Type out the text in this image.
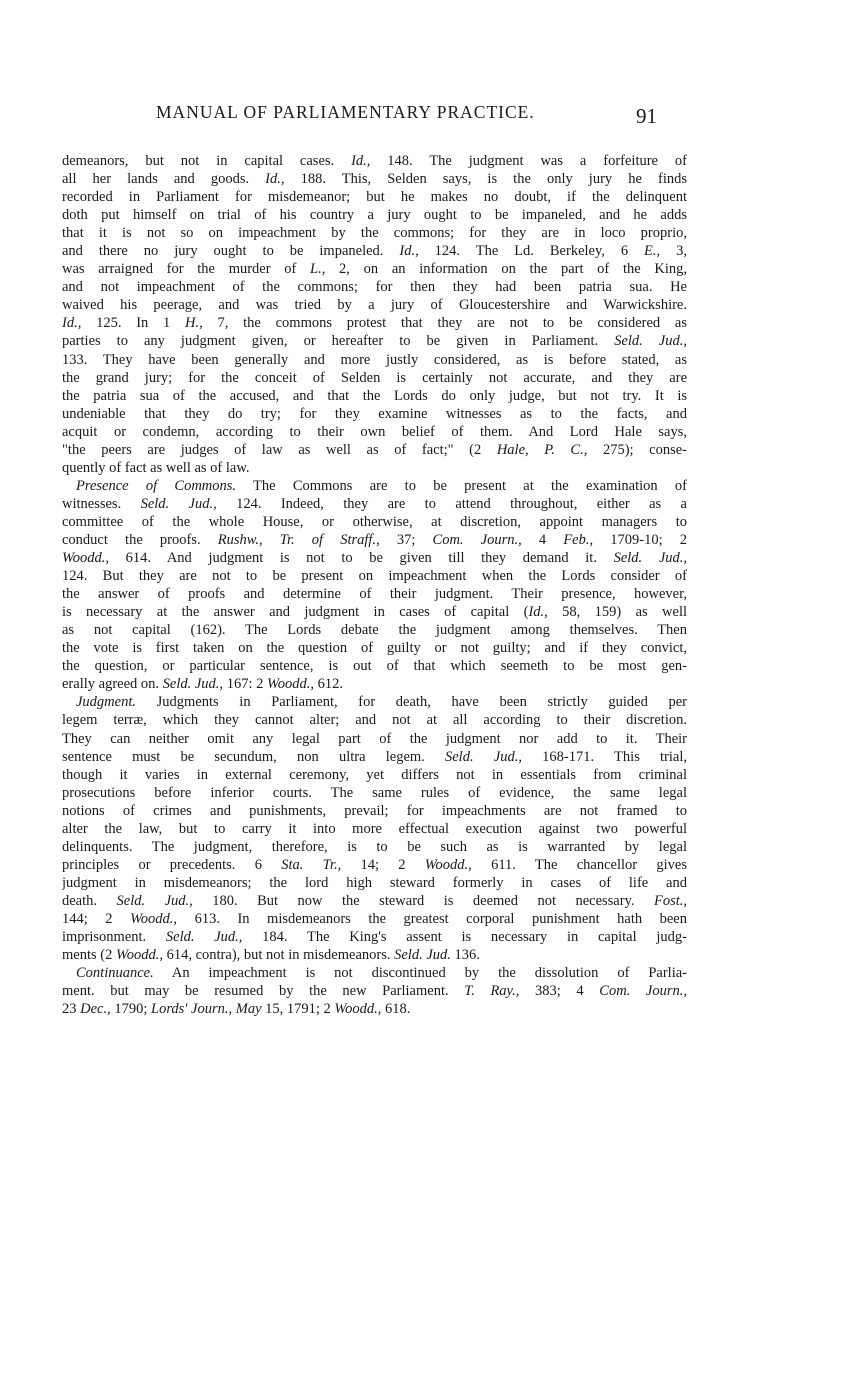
MANUAL OF PARLIAMENTARY PRACTICE.	91
demeanors, but not in capital cases. Id., 148. The judgment was a forfeiture of
all her lands and goods. Id., 188. This, Selden says, is the only jury he finds
recorded in Parliament for misdemeanor; but he makes no doubt, if the delinquent
doth put himself on trial of his country a jury ought to be impaneled, and he adds
that it is not so on impeachment by the commons; for they are in loco proprio,
and there no jury ought to be impaneled. Id., 124. The Ld. Berkeley, 6 E., 3,
was arraigned for the murder of L., 2, on an information on the part of the King,
and not impeachment of the commons; for then they had been patria sua. He
waived his peerage, and was tried by a jury of Gloucestershire and Warwickshire.
Id., 125. In 1 H., 7, the commons protest that they are not to be considered as
parties to any judgment given, or hereafter to be given in Parliament. Seld. Jud.,
133. They have been generally and more justly considered, as is before stated, as
the grand jury; for the conceit of Selden is certainly not accurate, and they are
the patria sua of the accused, and that the Lords do only judge, but not try. It is
undeniable that they do try; for they examine witnesses as to the facts, and
acquit or condemn, according to their own belief of them. And Lord Hale says,
"the peers are judges of law as well as of fact;" (2 Hale, P. C., 275); conse-
quently of fact as well as of law.
Presence of Commons. The Commons are to be present at the examination of
witnesses. Seld. Jud., 124. Indeed, they are to attend throughout, either as a
committee of the whole House, or otherwise, at discretion, appoint managers to
conduct the proofs. Rushw., Tr. of Straff., 37; Com. Journ., 4 Feb., 1709-10; 2
Woodd., 614. And judgment is not to be given till they demand it. Seld. Jud.,
124. But they are not to be present on impeachment when the Lords consider of
the answer of proofs and determine of their judgment. Their presence, however,
is necessary at the answer and judgment in cases of capital (Id., 58, 159) as well
as not capital (162). The Lords debate the judgment among themselves. Then
the vote is first taken on the question of guilty or not guilty; and if they convict,
the question, or particular sentence, is out of that which seemeth to be most gen-
erally agreed on. Seld. Jud., 167: 2 Woodd., 612.
Judgment. Judgments in Parliament, for death, have been strictly guided per
legem terræ, which they cannot alter; and not at all according to their discretion.
They can neither omit any legal part of the judgment nor add to it. Their
sentence must be secundum, non ultra legem. Seld. Jud., 168-171. This trial,
though it varies in external ceremony, yet differs not in essentials from criminal
prosecutions before inferior courts. The same rules of evidence, the same legal
notions of crimes and punishments, prevail; for impeachments are not framed to
alter the law, but to carry it into more effectual execution against two powerful
delinquents. The judgment, therefore, is to be such as is warranted by legal
principles or precedents. 6 Sta. Tr., 14; 2 Woodd., 611. The chancellor gives
judgment in misdemeanors; the lord high steward formerly in cases of life and
death. Seld. Jud., 180. But now the steward is deemed not necessary. Fost.,
144; 2 Woodd., 613. In misdemeanors the greatest corporal punishment hath been
imprisonment. Seld. Jud., 184. The King's assent is necessary in capital judg-
ments (2 Woodd., 614, contra), but not in misdemeanors. Seld. Jud. 136.
Continuance. An impeachment is not discontinued by the dissolution of Parlia-
ment. but may be resumed by the new Parliament. T. Ray., 383; 4 Com. Journ.,
23 Dec., 1790; Lords' Journ., May 15, 1791; 2 Woodd., 618.
